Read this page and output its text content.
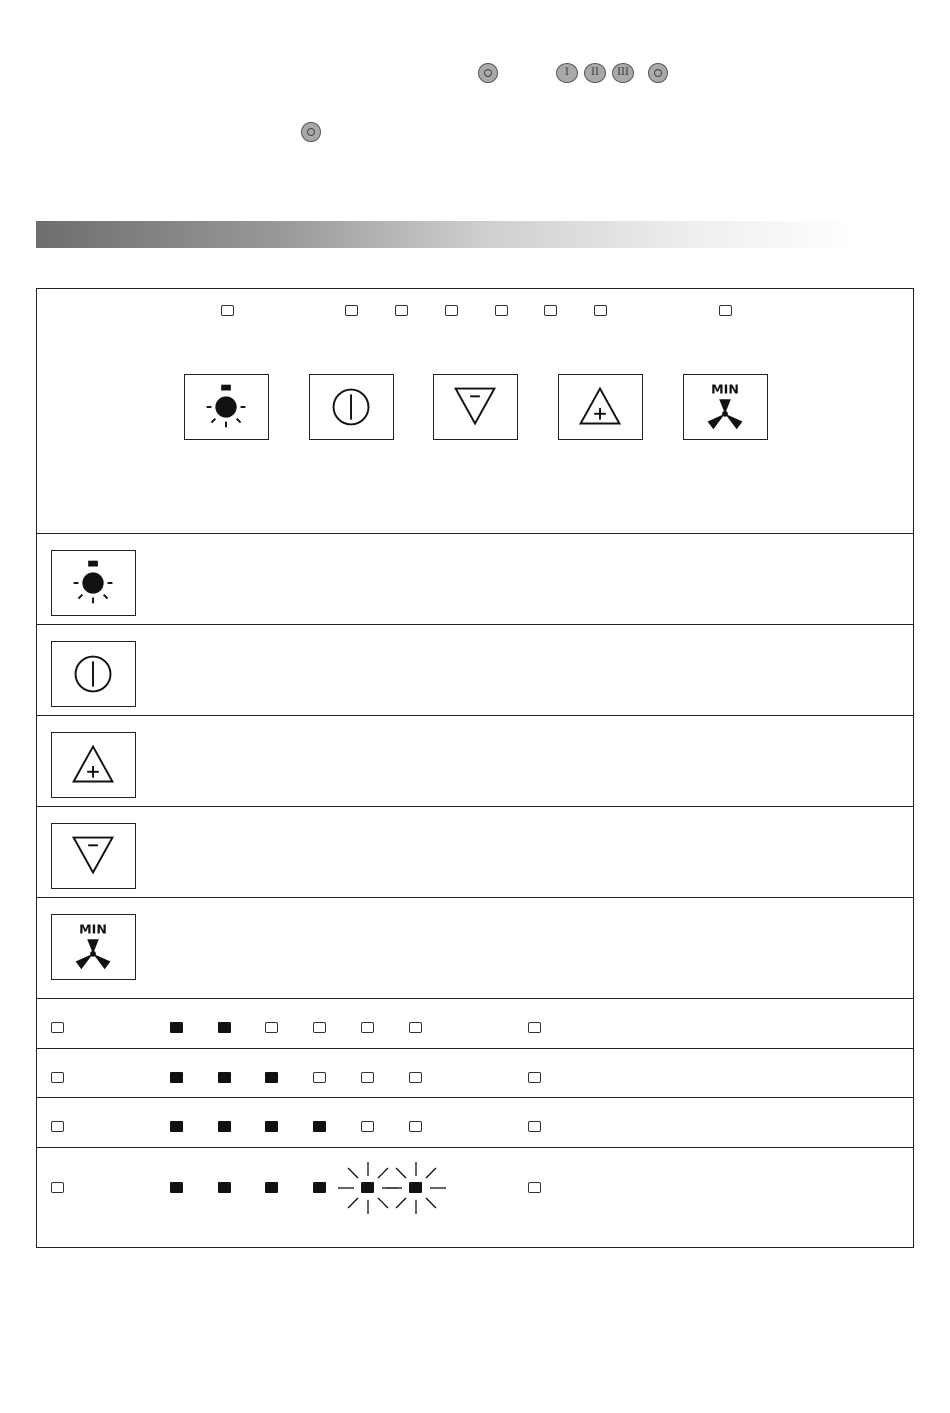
I	II	III
MIN
MIN
